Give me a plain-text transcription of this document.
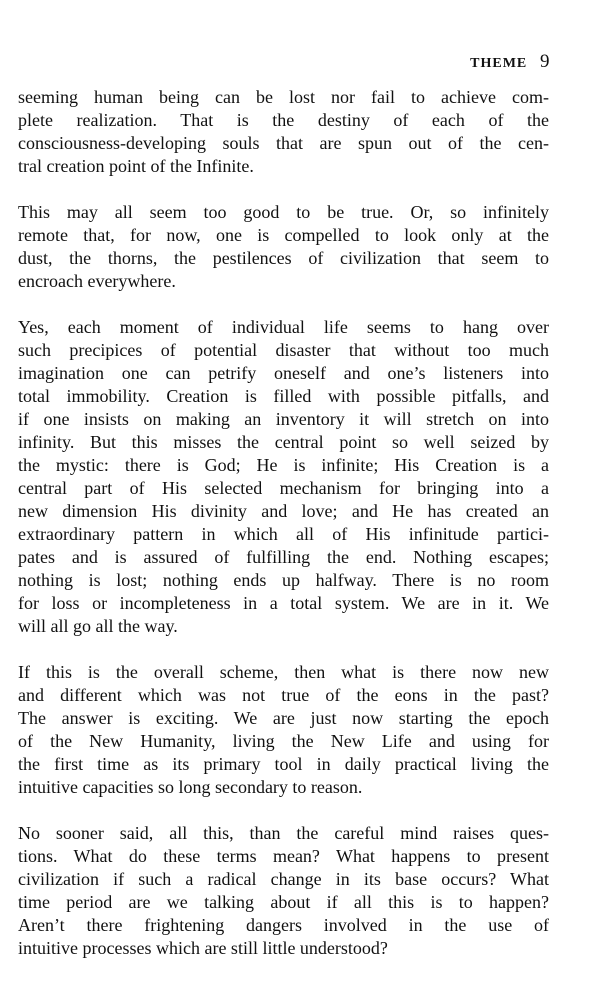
THEME 9

seeming human being can be lost nor fail to achieve com-
plete realization. That is the destiny of each of the
consciousness-developing souls that are spun out of the cen-
tral creation point of the Infinite.

This may all seem too good to be true. Or, so infinitely
remote that, for now, one is compelled to look only at the
dust, the thorns, the pestilences of civilization that seem to
encroach everywhere.

Yes, each moment of individual life seems to hang over
such precipices of potential disaster that without too much
imagination one can petrify oneself and one’s listeners into
total immobility. Creation is filled with possible pitfalls, and
if one insists on making an inventory it will stretch on into
infinity. But this misses the central point so well seized by
the mystic: there is God; He is infinite; His Creation is a
central part of His selected mechanism for bringing into a
new dimension His divinity and love; and He has created an
extraordinary pattern in which all of His infinitude partici-
pates and is assured of fulfilling the end. Nothing escapes;
nothing is lost; nothing ends up halfway. There is no room
for loss or incompleteness in a total system. We are in it. We
will all go all the way.

If this is the overall scheme, then what is there now new
and different which was not true of the eons in the past?
The answer is exciting. We are just now starting the epoch
of the New Humanity, living the New Life and using for
the first time as its primary tool in daily practical living the
intuitive capacities so long secondary to reason.

No sooner said, all this, than the careful mind raises ques-
tions. What do these terms mean? What happens to present
civilization if such a radical change in its base occurs? What
time period are we talking about if all this is to happen?
Aren’t there frightening dangers involved in the use of
intuitive processes which are still little understood?
